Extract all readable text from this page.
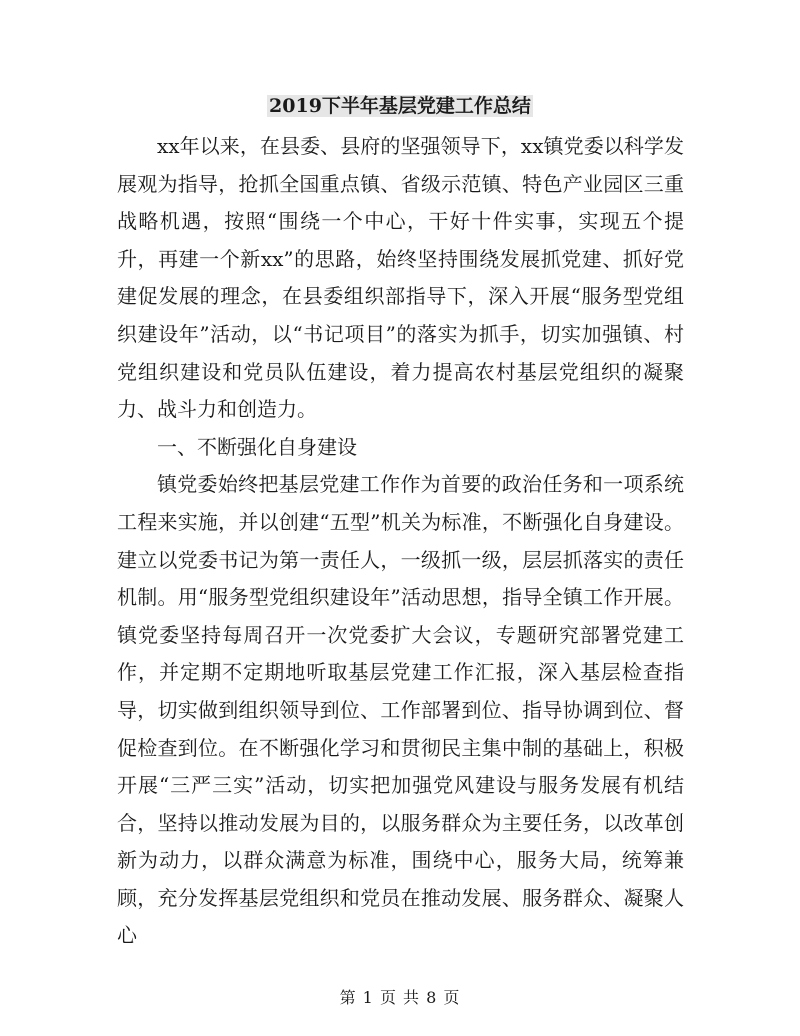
2019下半年基层党建工作总结

xx年以来，在县委、县府的坚强领导下，xx镇党委以科学发展观为指导，抢抓全国重点镇、省级示范镇、特色产业园区三重战略机遇，按照“围绕一个中心，干好十件实事，实现五个提升，再建一个新xx”的思路，始终坚持围绕发展抓党建、抓好党建促发展的理念，在县委组织部指导下，深入开展“服务型党组织建设年”活动，以“书记项目”的落实为抓手，切实加强镇、村党组织建设和党员队伍建设，着力提高农村基层党组织的凝聚力、战斗力和创造力。

一、不断强化自身建设

镇党委始终把基层党建工作作为首要的政治任务和一项系统工程来实施，并以创建“五型”机关为标准，不断强化自身建设。建立以党委书记为第一责任人，一级抓一级，层层抓落实的责任机制。用“服务型党组织建设年”活动思想，指导全镇工作开展。镇党委坚持每周召开一次党委扩大会议，专题研究部署党建工作，并定期不定期地听取基层党建工作汇报，深入基层检查指导，切实做到组织领导到位、工作部署到位、指导协调到位、督促检查到位。在不断强化学习和贯彻民主集中制的基础上，积极开展“三严三实”活动，切实把加强党风建设与服务发展有机结合，坚持以推动发展为目的，以服务群众为主要任务，以改革创新为动力，以群众满意为标准，围绕中心，服务大局，统筹兼顾，充分发挥基层党组织和党员在推动发展、服务群众、凝聚人心

第 1 页 共 8 页
